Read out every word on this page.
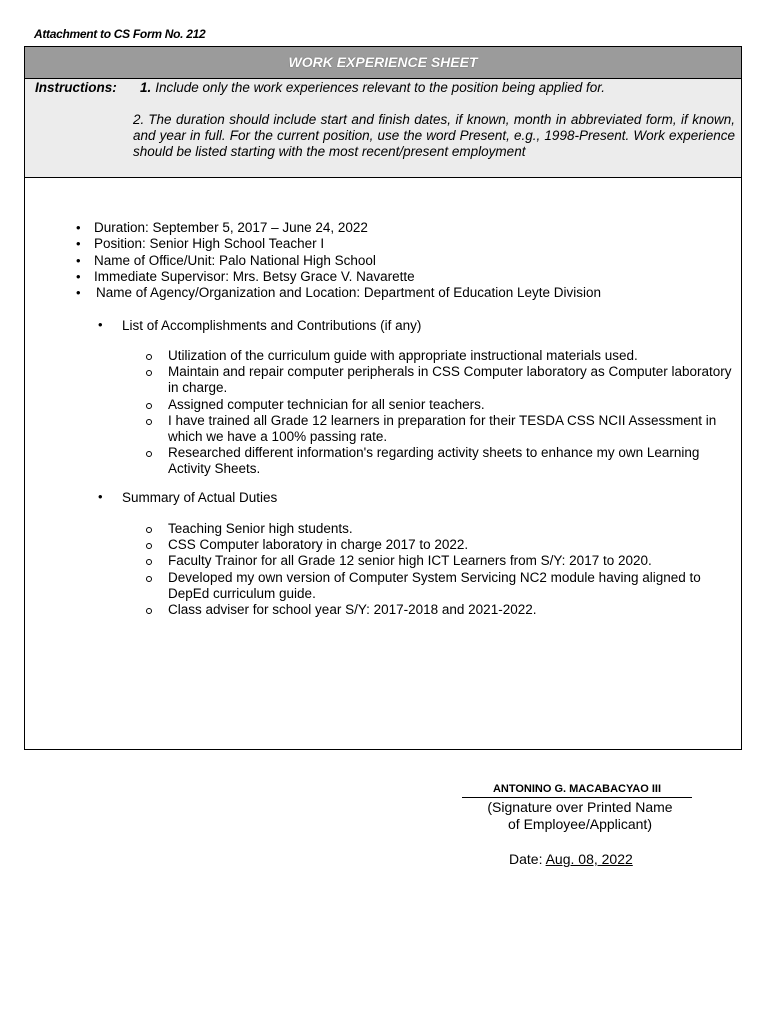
Attachment to CS Form No. 212
WORK EXPERIENCE SHEET
Instructions: 1. Include only the work experiences relevant to the position being applied for.
2. The duration should include start and finish dates, if known, month in abbreviated form, if known, and year in full. For the current position, use the word Present, e.g., 1998-Present. Work experience should be listed starting with the most recent/present employment
• Duration: September 5, 2017 – June 24, 2022
• Position: Senior High School Teacher I
• Name of Office/Unit: Palo National High School
• Immediate Supervisor: Mrs. Betsy Grace V. Navarette
• Name of Agency/Organization and Location: Department of Education Leyte Division
• List of Accomplishments and Contributions (if any)
Utilization of the curriculum guide with appropriate instructional materials used.
Maintain and repair computer peripherals in CSS Computer laboratory as Computer laboratory in charge.
Assigned computer technician for all senior teachers.
I have trained all Grade 12 learners in preparation for their TESDA CSS NCII Assessment in which we have a 100% passing rate.
Researched different information's regarding activity sheets to enhance my own Learning Activity Sheets.
• Summary of Actual Duties
Teaching Senior high students.
CSS Computer laboratory in charge 2017 to 2022.
Faculty Trainor for all Grade 12 senior high ICT Learners from S/Y: 2017 to 2020.
Developed my own version of Computer System Servicing NC2 module having aligned to DepEd curriculum guide.
Class adviser for school year S/Y: 2017-2018 and 2021-2022.
ANTONINO G. MACABACYAO III
(Signature over Printed Name
of Employee/Applicant)
Date: Aug. 08, 2022
